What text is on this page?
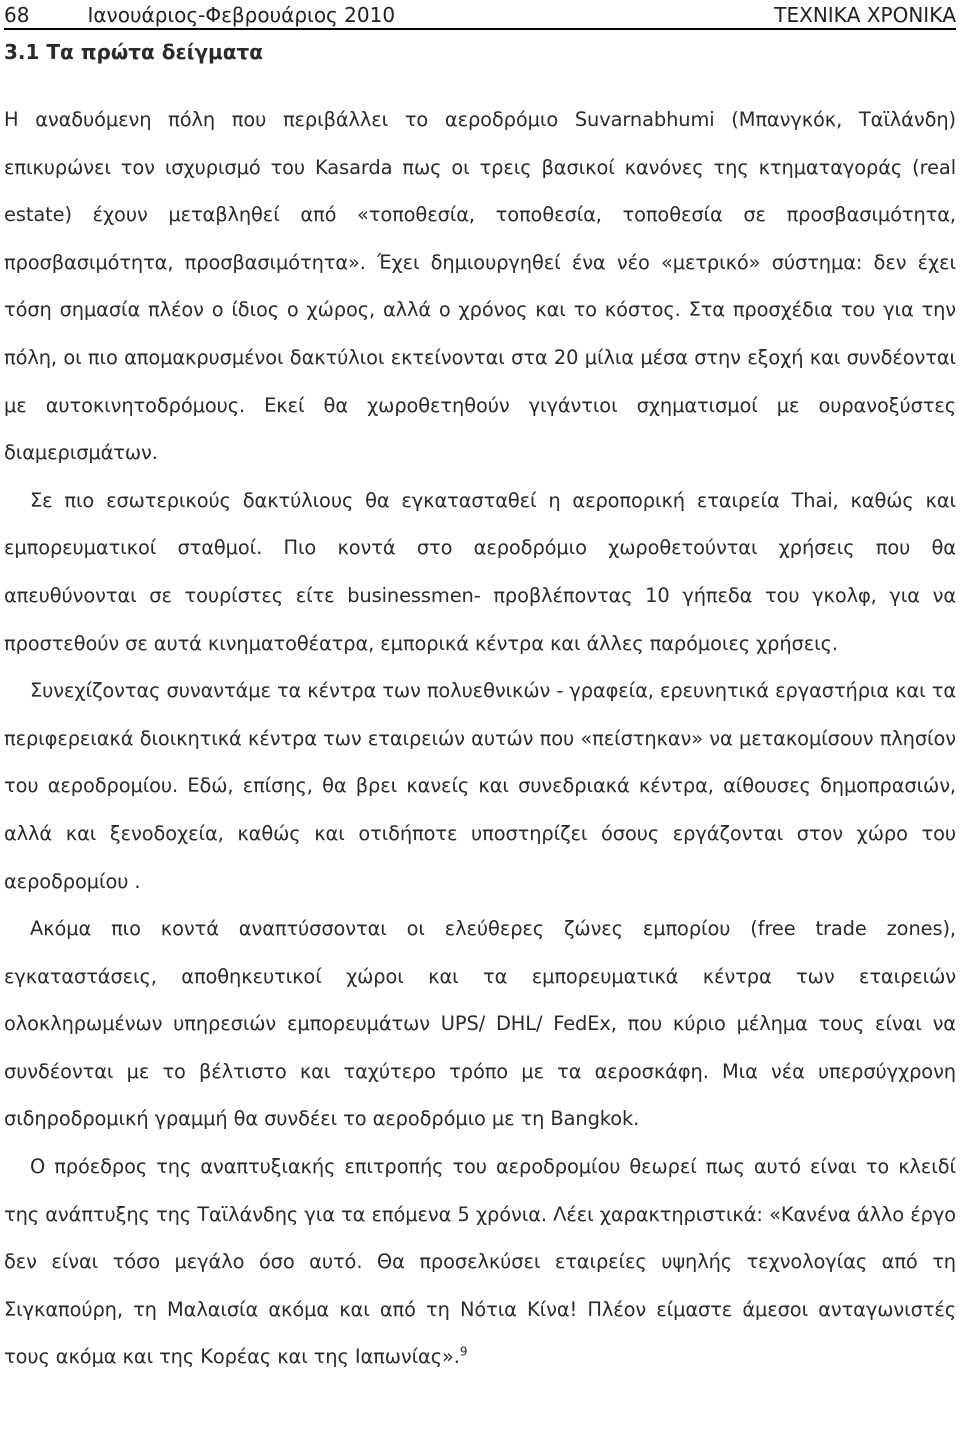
68	Ιανουάριος-Φεβρουάριος 2010	ΤΕΧΝΙΚΑ ΧΡΟΝΙΚΑ
3.1 Τα πρώτα δείγματα

Η αναδυόμενη πόλη που περιβάλλει το αεροδρόμιο Suvarnabhumi (Μπανγκόκ, Ταϊλάνδη) επικυρώνει τον ισχυρισμό του Kasarda πως οι τρεις βασικοί κανόνες της κτηματαγοράς (real estate) έχουν μεταβληθεί από «τοποθεσία, τοποθεσία, τοποθεσία σε προσβασιμότητα, προσβασιμότητα, προσβασιμότητα». Έχει δημιουργηθεί ένα νέο «μετρικό» σύστημα: δεν έχει τόση σημασία πλέον ο ίδιος ο χώρος, αλλά ο χρόνος και το κόστος. Στα προσχέδια του για την πόλη, οι πιο απομακρυσμένοι δακτύλιοι εκτείνονται στα 20 μίλια μέσα στην εξοχή και συνδέονται με αυτοκινητοδρόμους. Εκεί θα χωροθετηθούν γιγάντιοι σχηματισμοί με ουρανοξύστες διαμερισμάτων.

Σε πιο εσωτερικούς δακτύλιους θα εγκατασταθεί η αεροπορική εταιρεία Thai, καθώς και εμπορευματικοί σταθμοί. Πιο κοντά στο αεροδρόμιο χωροθετούνται χρήσεις που θα απευθύνονται σε τουρίστες είτε businessmen- προβλέποντας 10 γήπεδα του γκολφ, για να προστεθούν σε αυτά κινηματοθέατρα, εμπορικά κέντρα και άλλες παρόμοιες χρήσεις.

Συνεχίζοντας συναντάμε τα κέντρα των πολυεθνικών - γραφεία, ερευνητικά εργαστήρια και τα περιφερειακά διοικητικά κέντρα των εταιρειών αυτών που «πείστηκαν» να μετακομίσουν πλησίον του αεροδρομίου. Εδώ, επίσης, θα βρει κανείς και συνεδριακά κέντρα, αίθουσες δημοπρασιών, αλλά και ξενοδοχεία, καθώς και οτιδήποτε υποστηρίζει όσους εργάζονται στον χώρο του αεροδρομίου .

Ακόμα πιο κοντά αναπτύσσονται οι ελεύθερες ζώνες εμπορίου (free trade zones), εγκαταστάσεις, αποθηκευτικοί χώροι και τα εμπορευματικά κέντρα των εταιρειών ολοκληρωμένων υπηρεσιών εμπορευμάτων UPS/ DHL/ FedEx, που κύριο μέλημα τους είναι να συνδέονται με το βέλτιστο και ταχύτερο τρόπο με τα αεροσκάφη. Μια νέα υπερσύγχρονη σιδηροδρομική γραμμή θα συνδέει το αεροδρόμιο με τη Bangkok.

Ο πρόεδρος της αναπτυξιακής επιτροπής του αεροδρομίου θεωρεί πως αυτό είναι το κλειδί της ανάπτυξης της Ταϊλάνδης για τα επόμενα 5 χρόνια. Λέει χαρακτηριστικά: «Κανένα άλλο έργο δεν είναι τόσο μεγάλο όσο αυτό. Θα προσελκύσει εταιρείες υψηλής τεχνολογίας από τη Σιγκαπούρη, τη Μαλαισία ακόμα και από τη Νότια Κίνα! Πλέον είμαστε άμεσοι ανταγωνιστές τους ακόμα και της Κορέας και της Ιαπωνίας».$^9$
